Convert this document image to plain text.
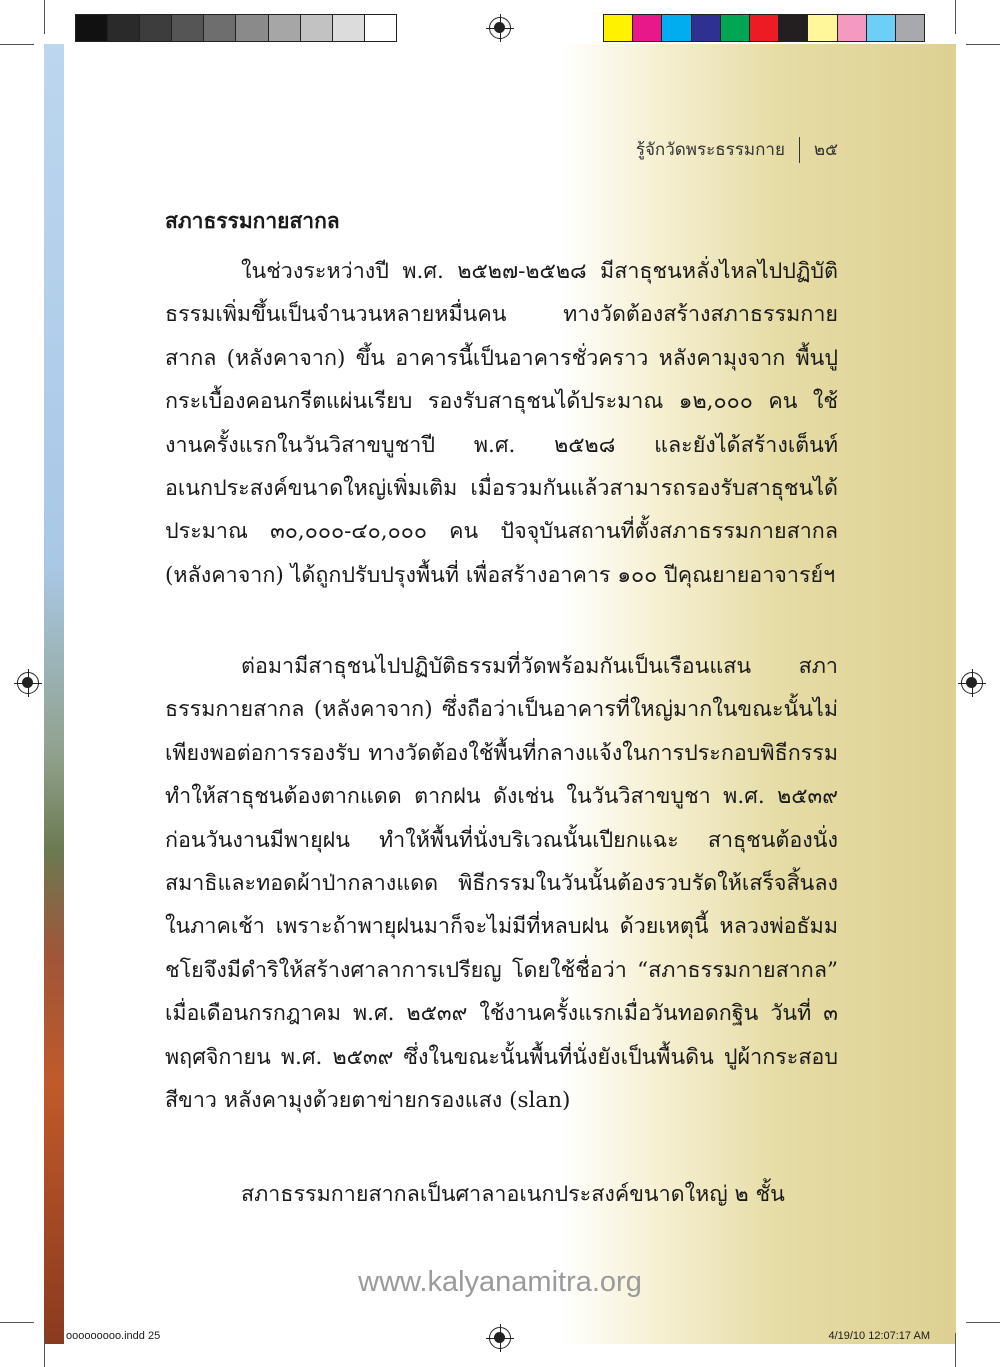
รู้จักวัดพระธรรมกาย ๒๕
สภาธรรมกายสากล

ในช่วงระหว่างปี พ.ศ. ๒๕๒๗-๒๕๒๘ มีสาธุชนหลั่งไหลไปปฏิบัติธรรมเพิ่มขึ้นเป็นจำนวนหลายหมื่นคน ทางวัดต้องสร้างสภาธรรมกายสากล (หลังคาจาก) ขึ้น อาคารนี้เป็นอาคารชั่วคราว หลังคามุงจาก พื้นปูกระเบื้องคอนกรีตแผ่นเรียบ รองรับสาธุชนได้ประมาณ ๑๒,๐๐๐ คน ใช้งานครั้งแรกในวันวิสาขบูชาปี พ.ศ. ๒๕๒๘ และยังได้สร้างเต็นท์อเนกประสงค์ขนาดใหญ่เพิ่มเติม เมื่อรวมกันแล้วสามารถรองรับสาธุชนได้ประมาณ ๓๐,๐๐๐-๔๐,๐๐๐ คน ปัจจุบันสถานที่ตั้งสภาธรรมกายสากล (หลังคาจาก) ได้ถูกปรับปรุงพื้นที่ เพื่อสร้างอาคาร ๑๐๐ ปีคุณยายอาจารย์ฯ

ต่อมามีสาธุชนไปปฏิบัติธรรมที่วัดพร้อมกันเป็นเรือนแสน สภาธรรมกายสากล (หลังคาจาก) ซึ่งถือว่าเป็นอาคารที่ใหญ่มากในขณะนั้นไม่เพียงพอต่อการรองรับ ทางวัดต้องใช้พื้นที่กลางแจ้งในการประกอบพิธีกรรม ทำให้สาธุชนต้องตากแดด ตากฝน ดังเช่น ในวันวิสาขบูชา พ.ศ. ๒๕๓๙ ก่อนวันงานมีพายุฝน ทำให้พื้นที่นั่งบริเวณนั้นเปียกแฉะ สาธุชนต้องนั่งสมาธิและทอดผ้าป่ากลางแดด พิธีกรรมในวันนั้นต้องรวบรัดให้เสร็จสิ้นลงในภาคเช้า เพราะถ้าพายุฝนมาก็จะไม่มีที่หลบฝน ด้วยเหตุนี้ หลวงพ่อธัมมชโยจึงมีดำริให้สร้างศาลาการเปรียญ โดยใช้ชื่อว่า “สภาธรรมกายสากล” เมื่อเดือนกรกฎาคม พ.ศ. ๒๕๓๙ ใช้งานครั้งแรกเมื่อวันทอดกฐิน วันที่ ๓ พฤศจิกายน พ.ศ. ๒๕๓๙ ซึ่งในขณะนั้นพื้นที่นั่งยังเป็นพื้นดิน ปูผ้ากระสอบสีขาว หลังคามุงด้วยตาข่ายกรองแสง (slan)

สภาธรรมกายสากลเป็นศาลาอเนกประสงค์ขนาดใหญ่ ๒ ชั้น

www.kalyanamitra.org
ooooooooo.indd 25	4/19/10 12:07:17 AM
